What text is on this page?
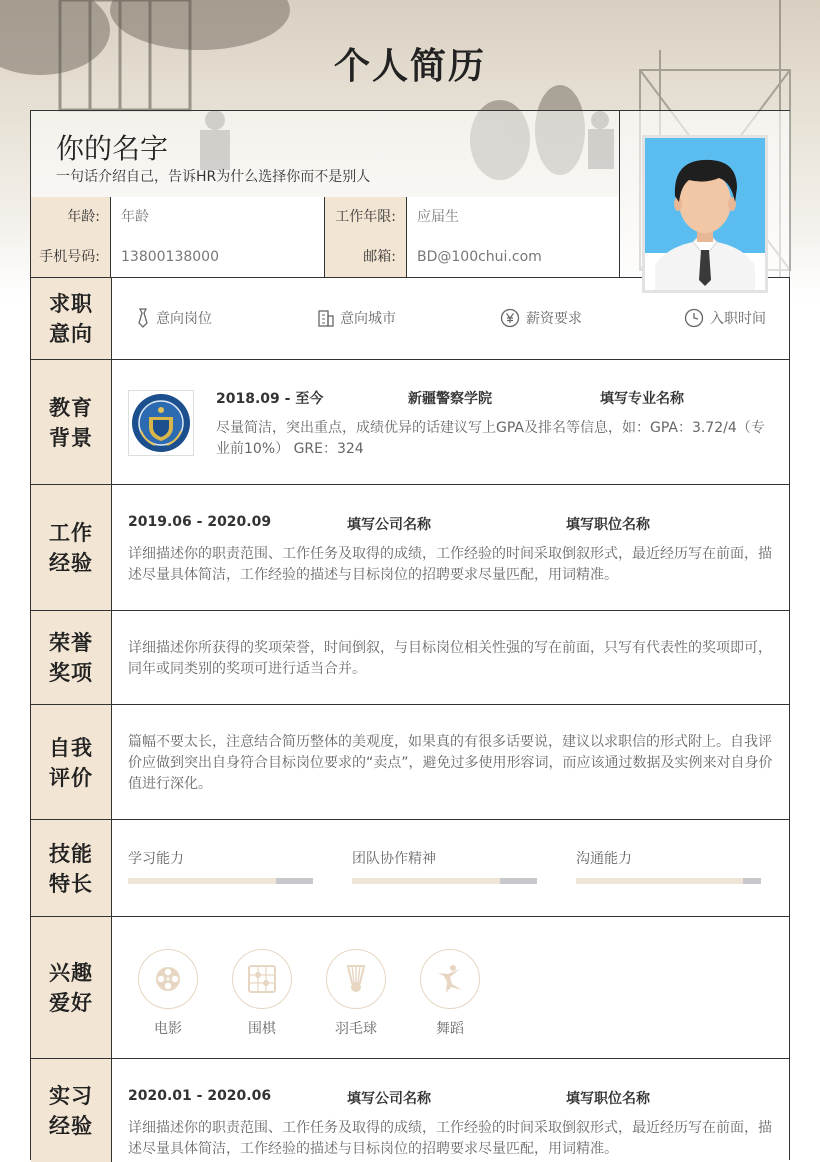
个人简历
你的名字
一句话介绍自己，告诉HR为什么选择你而不是别人
年龄:	年龄	工作年限:	应届生
手机号码:	13800138000	邮箱:	BD@100chui.com
求职意向
意向岗位	意向城市	薪资要求	入职时间
教育背景
2018.09 - 至今	新疆警察学院	填写专业名称
尽量简洁，突出重点，成绩优异的话建议写上GPA及排名等信息，如：GPA：3.72/4（专业前10%） GRE：324
工作经验
2019.06 - 2020.09	填写公司名称	填写职位名称
详细描述你的职责范围、工作任务及取得的成绩，工作经验的时间采取倒叙形式，最近经历写在前面，描述尽量具体简洁，工作经验的描述与目标岗位的招聘要求尽量匹配，用词精准。
荣誉奖项
详细描述你所获得的奖项荣誉，时间倒叙，与目标岗位相关性强的写在前面，只写有代表性的奖项即可，同年或同类别的奖项可进行适当合并。
自我评价
篇幅不要太长，注意结合简历整体的美观度，如果真的有很多话要说，建议以求职信的形式附上。自我评价应做到突出自身符合目标岗位要求的“卖点”，避免过多使用形容词，而应该通过数据及实例来对自身价值进行深化。
技能特长
学习能力	团队协作精神	沟通能力
兴趣爱好
电影	围棋	羽毛球	舞蹈
实习经验
2020.01 - 2020.06	填写公司名称	填写职位名称
详细描述你的职责范围、工作任务及取得的成绩，工作经验的时间采取倒叙形式，最近经历写在前面，描述尽量具体简洁，工作经验的描述与目标岗位的招聘要求尽量匹配，用词精准。
